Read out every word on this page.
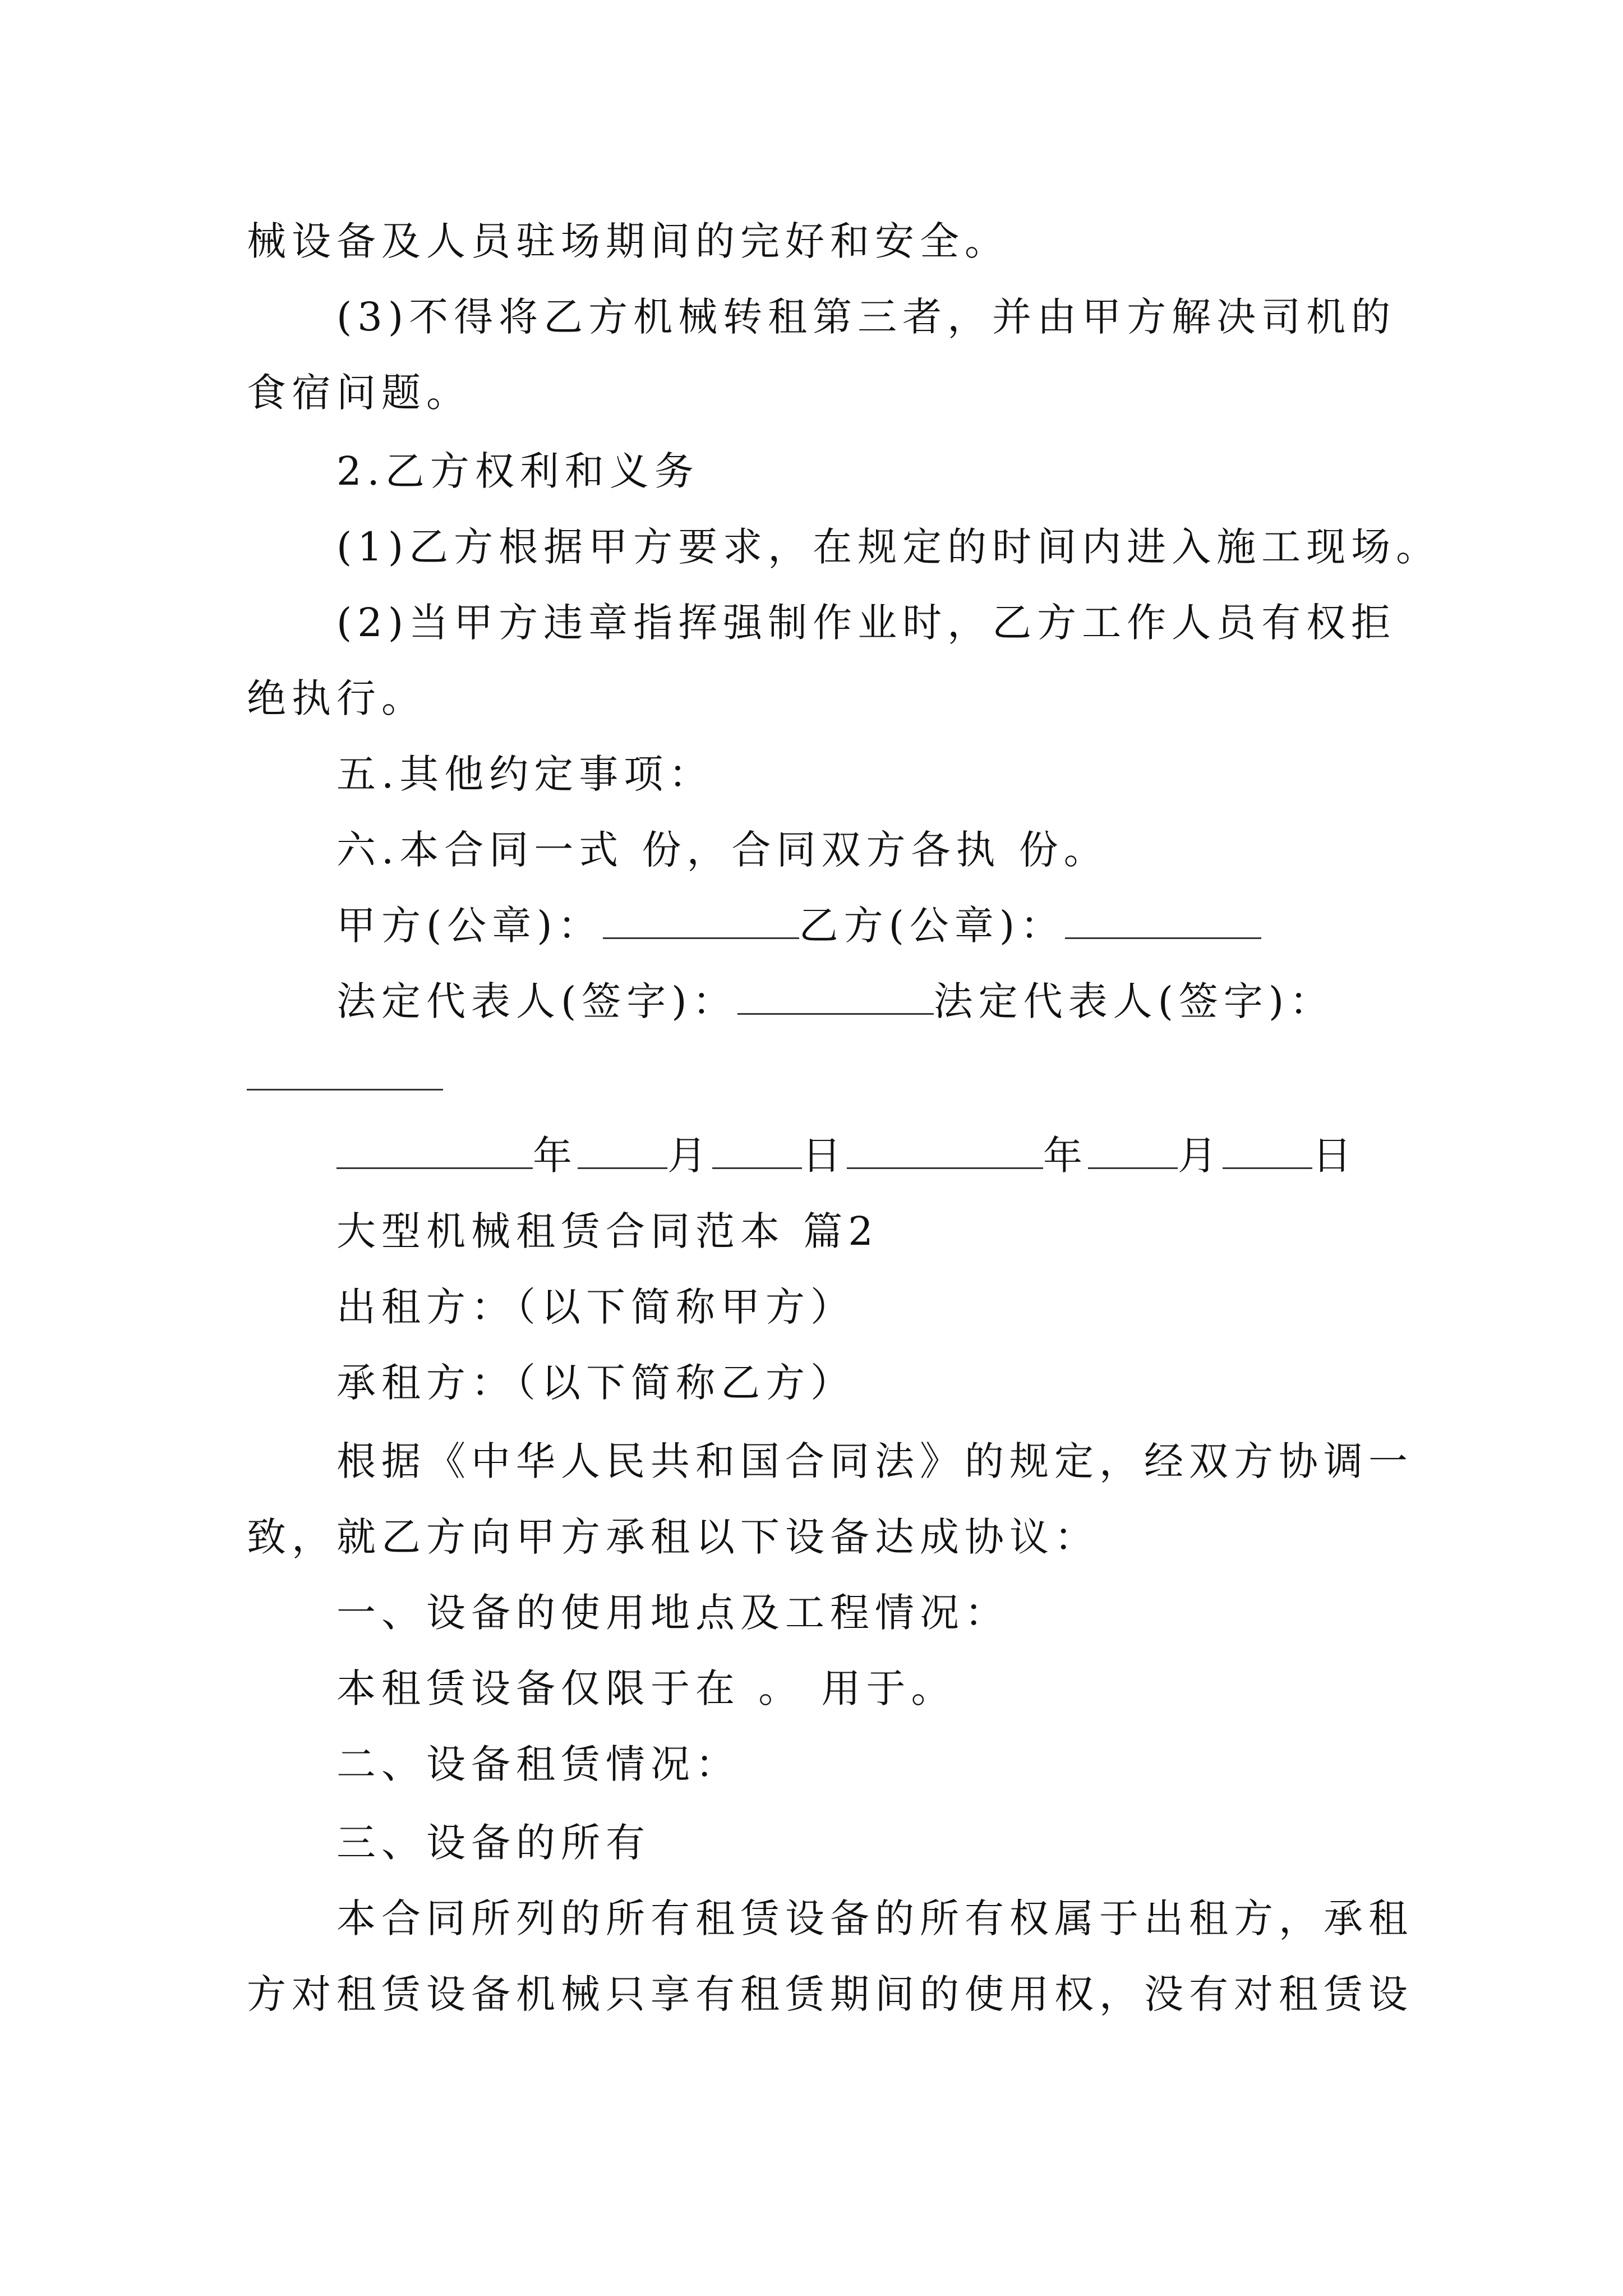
械设备及人员驻场期间的完好和安全。
(3)不得将乙方机械转租第三者，并由甲方解决司机的
食宿问题。
2.乙方权利和义务
(1)乙方根据甲方要求，在规定的时间内进入施工现场。
(2)当甲方违章指挥强制作业时，乙方工作人员有权拒
绝执行。
五.其他约定事项：
六.本合同一式 份，合同双方各执 份。
甲方(公章)：	乙方(公章)：
法定代表人(签字)：	法定代表人(签字)：
年 月 日	年 月 日
大型机械租赁合同范本 篇2
出租方：（以下简称甲方）
承租方：（以下简称乙方）
根据《中华人民共和国合同法》的规定，经双方协调一
致，就乙方向甲方承租以下设备达成协议：
一、设备的使用地点及工程情况：
本租赁设备仅限于在 。 用于。
二、设备租赁情况：
三、设备的所有
本合同所列的所有租赁设备的所有权属于出租方，承租
方对租赁设备机械只享有租赁期间的使用权，没有对租赁设
